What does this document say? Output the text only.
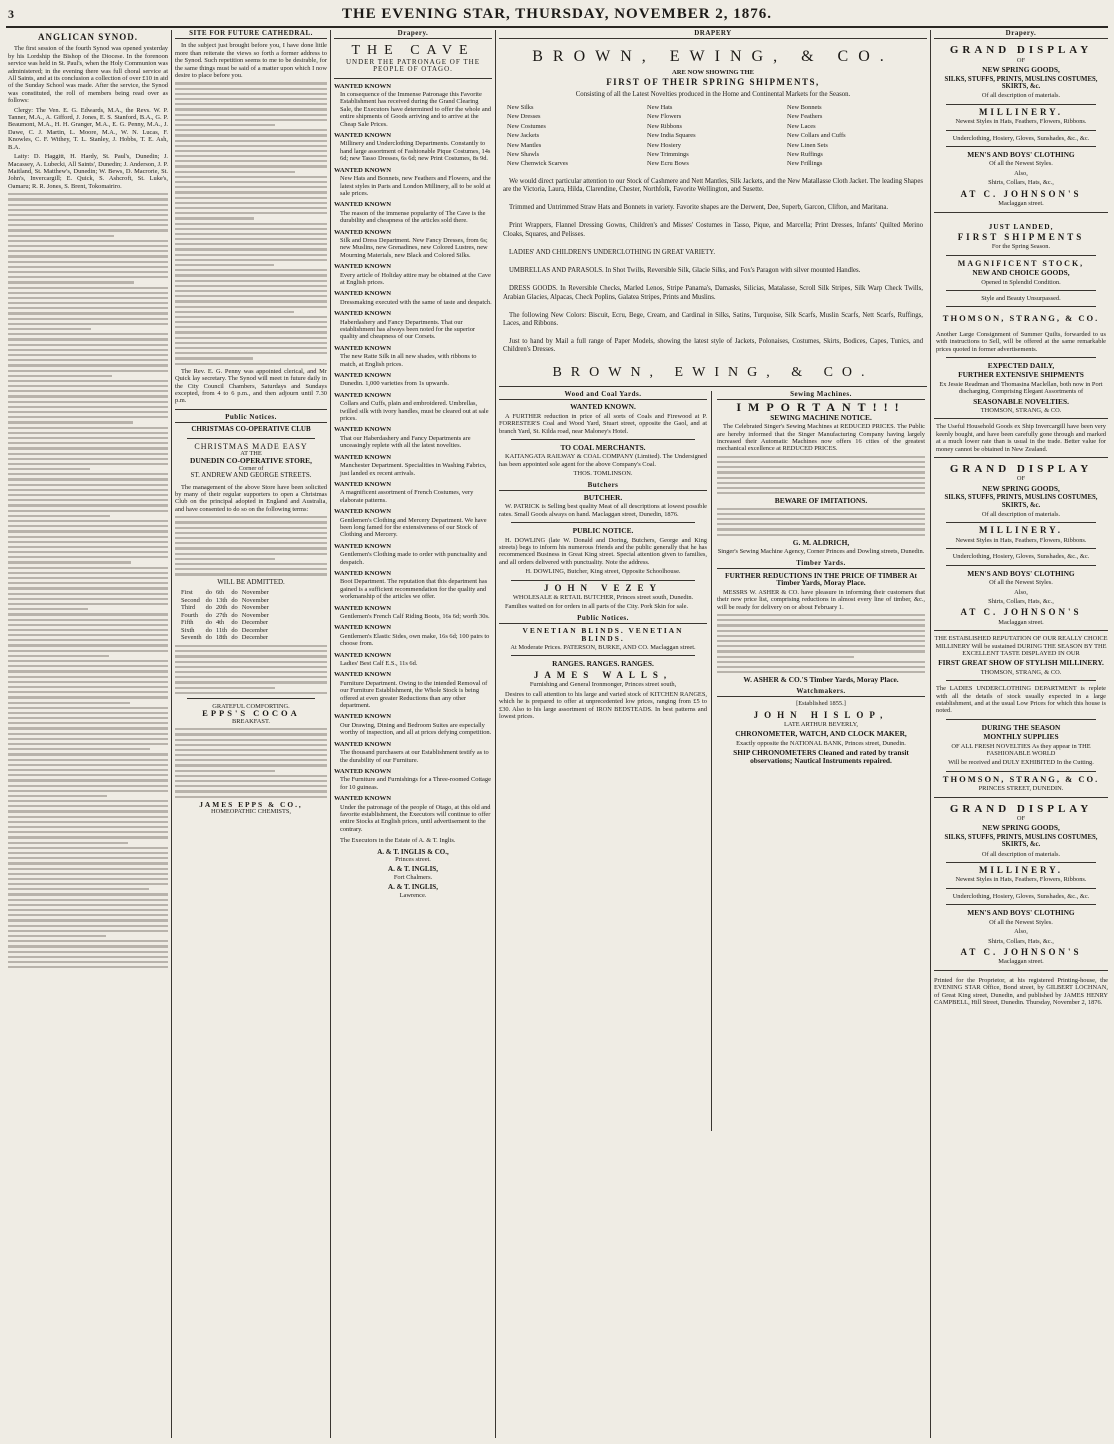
3	THE EVENING STAR, THURSDAY, NOVEMBER 2, 1876.
ANGLICAN SYNOD.

The first session of the fourth Synod was opened yesterday by his Lordship the Bishop of the Diocese. In the forenoon service was held in St. Paul's, when the Holy Communion was administered; in the evening there was full choral service at All Saints, and at its conclusion a collection of over £10 in aid of the Sunday School was made. After the service, the Synod was constituted, the roll of members being read over as follows:

Clergy: The Ven. E. G. Edwards, M.A., the Revs. W. P. Tanner, M.A., A. Gifford, J. Jones, E. S. Stanford, B.A., G. P. Beaumont, M.A., H. H. Granger, M.A., E. G. Penny, M.A., J. Dawe, C. J. Martin, L. Moore, M.A., W. N. Lucas, F. Knowles, C. F. Withey, T. L. Stanley, J. Hobbs, T. E. Ash, B.A.

Laity: D. Haggitt, H. Hardy, St. Paul's, Dunedin; J. Macassey, A. Lubecki, All Saints', Dunedin; J. Anderson, J. P. Maitland, St. Matthew's, Dunedin; W. Bews, D. Macrorie, St. John's, Invercargill; E. Quick, S. Ashcroft, St. Luke's, Oamaru; R. R. Jones, S. Brent, Tokomairiro.

SITE FOR FUTURE CATHEDRAL.

In the subject just brought before you, I have done little more than reiterate the views so forth a former address to the Synod. Such repetition seems to me to be desirable, for the same things must be said of a matter upon which I now desire to place before you.

The Rev. E. G. Penny was appointed clerical, and Mr Quick lay secretary. The Synod will meet in future daily in the City Council Chambers, Saturdays and Sundays excepted, from 4 to 6 p.m., and then adjourn until 7.30 p.m.

Public Notices.
CHRISTMAS CO-OPERATIVE CLUB
CHRISTMAS MADE EASY
AT THE
DUNEDIN CO-OPERATIVE STORE,
Corner of
ST. ANDREW AND GEORGE STREETS.

The management of the above Store have been solicited by many of their regular supporters to open a Christmas Club on the principal adopted in England and Australia, and have consented to do so on the following terms:

WILL BE ADMITTED.
First	do	6th	do	November
Second	do	13th	do	November
Third	do	20th	do	November
Fourth	do	27th	do	November
Fifth	do	4th	do	December
Sixth	do	11th	do	December
Seventh	do	18th	do	December
GRATEFUL COMFORTING.
EPPS'S COCOA
BREAKFAST.
JAMES EPPS & CO.,
HOMEOPATHIC CHEMISTS,
Drapery.
THE CAVE
UNDER THE PATRONAGE OF THE PEOPLE OF OTAGO.
WANTED KNOWN
In consequence of the Immense Patronage this Favorite Establishment has received during the Grand Clearing Sale, the Executors have determined to offer the whole and entire shipments of Goods arriving and to arrive at the Cheap Sale Prices.
WANTED KNOWN
Millinery and Underclothing Departments. Constantly to hand large assortment of Fashionable Pique Costumes, 14s 6d; new Tasso Dresses, 6s 6d; new Print Costumes, 8s 9d.
WANTED KNOWN
New Hats and Bonnets, new Feathers and Flowers, and the latest styles in Paris and London Millinery, all to be sold at sale prices.
WANTED KNOWN
The reason of the immense popularity of The Cave is the durability and cheapness of the articles sold there.
WANTED KNOWN
Silk and Dress Department. New Fancy Dresses, from 6s; new Muslins, new Grenadines, new Colored Lustres, new Mourning Materials, new Black and Colored Silks.
WANTED KNOWN
Every article of Holiday attire may be obtained at the Cave at English prices.
WANTED KNOWN
Dressmaking executed with the same of taste and despatch.
WANTED KNOWN
Haberdashery and Fancy Departments. That our establishment has always been noted for the superior quality and cheapness of our Corsets.
WANTED KNOWN
The new Ratte Silk in all new shades, with ribbons to match, at English prices.
WANTED KNOWN
Dunedin. 1,000 varieties from 1s upwards.
WANTED KNOWN
Collars and Cuffs, plain and embroidered. Umbrellas, twilled silk with ivory handles, must be cleared out at sale prices.
WANTED KNOWN
That our Haberdashery and Fancy Departments are unceasingly replete with all the latest novelties.
WANTED KNOWN
Manchester Department. Specialities in Washing Fabrics, just landed ex recent arrivals.
WANTED KNOWN
A magnificent assortment of French Costumes, very elaborate patterns.
WANTED KNOWN
Gentlemen's Clothing and Mercery Department. We have been long famed for the extensiveness of our Stock of Clothing and Mercery.
WANTED KNOWN
Gentlemen's Clothing made to order with punctuality and despatch.
WANTED KNOWN
Boot Department. The reputation that this department has gained is a sufficient recommendation for the quality and workmanship of the articles we offer.
WANTED KNOWN
Gentlemen's French Calf Riding Boots, 16s 6d; worth 30s.
WANTED KNOWN
Gentlemen's Elastic Sides, own make, 16s 6d; 100 pairs to choose from.
WANTED KNOWN
Ladies' Best Calf E.S., 11s 6d.
WANTED KNOWN
Furniture Department. Owing to the intended Removal of our Furniture Establishment, the Whole Stock is being offered at even greater Reductions than any other department.
WANTED KNOWN
Our Drawing, Dining and Bedroom Suites are especially worthy of inspection, and all at prices defying competition.
WANTED KNOWN
The thousand purchasers at our Establishment testify as to the durability of our Furniture.
WANTED KNOWN
The Furniture and Furnishings for a Three-roomed Cottage for 10 guineas.
WANTED KNOWN
Under the patronage of the people of Otago, at this old and favorite establishment, the Executors will continue to offer entire Stocks at English prices, until advertisement to the contrary.

The Executors in the Estate of A. & T. Inglis.

A. & T. INGLIS & CO.,
Princes street.
A. & T. INGLIS,
Fort Chalmers.
A. & T. INGLIS,
Lawrence.
DRAPERY
BROWN, EWING, & CO.
ARE NOW SHOWING THE
FIRST OF THEIR SPRING SHIPMENTS,
Consisting of all the Latest Novelties produced in the Home and Continental Markets for the Season.
New Silks	New Hats	New Bonnets
New Dresses	New Flowers	New Feathers
New Costumes	New Ribbons	New Laces
New Jackets	New India Squares	New Collars and Cuffs
New Mantles	New Hosiery	New Linen Sets
New Shawls	New Trimmings	New Ruffings
New Chenwick Scarves	New Ecru Bows	New Frillings

We would direct particular attention to our Stock of Cashmere and Nett Mantles, Silk Jackets, and the New Matallasse Cloth Jacket. The leading Shapes are the Victoria, Laura, Hilda, Clarendine, Chester, Northfolk, Favorite Wellington, and Susette.

Trimmed and Untrimmed Straw Hats and Bonnets in variety. Favorite shapes are the Derwent, Dee, Superb, Garcon, Clifton, and Maritana.

Print Wrappers, Flannel Dressing Gowns, Children's and Misses' Costumes in Tasso, Pique, and Marcella; Print Dresses, Infants' Quilted Merino Cloaks, Squares, and Pelisses.

LADIES' AND CHILDREN'S UNDERCLOTHING IN GREAT VARIETY.

UMBRELLAS AND PARASOLS. In Shot Twills, Reversible Silk, Glacie Silks, and Fox's Paragon with silver mounted Handles.

DRESS GOODS. In Reversible Checks, Marled Lenos, Stripe Panama's, Damasks, Silicias, Matalasse, Scroll Silk Stripes, Silk Warp Check Twills, Arabian Glacies, Alpacas, Check Poplins, Galatea Stripes, Prints and Muslins.

The following New Colors: Biscuit, Ecru, Bege, Cream, and Cardinal in Silks, Satins, Turquoise, Silk Scarfs, Muslin Scarfs, Nett Scarfs, Ruffings, Laces, and Ribbons.

Just to hand by Mail a full range of Paper Models, showing the latest style of Jackets, Polonaises, Costumes, Skirts, Bodices, Capes, Tunics, and Children's Dresses.

BROWN, EWING, & CO.
Wood and Coal Yards.
WANTED KNOWN.

A FURTHER reduction in price of all sorts of Coals and Firewood at P. FORRESTER'S Coal and Wood Yard, Stuart street, opposite the Gaol, and at branch Yard, St. Kilda road, near Maloney's Hotel.

TO COAL MERCHANTS.

KAITANGATA RAILWAY & COAL COMPANY (Limited). The Undersigned has been appointed sole agent for the above Company's Coal.

THOS. TOMLINSON.
Butchers
BUTCHER.

W. PATRICK is Selling best quality Meat of all descriptions at lowest possible rates. Small Goods always on hand. Maclaggan street, Dunedin, 1876.

PUBLIC NOTICE.

H. DOWLING (late W. Donald and Doring, Butchers, George and King streets) begs to inform his numerous friends and the public generally that he has recommenced Business in Great King street. Special attention given to families, and all orders delivered with punctuality. Note the address.

H. DOWLING, Butcher, King street, Opposite Schoolhouse.
JOHN VEZEY
WHOLESALE & RETAIL BUTCHER, Princes street south, Dunedin.

Families waited on for orders in all parts of the City. Pork Skin for sale.

Public Notices.
VENETIAN BLINDS. VENETIAN BLINDS.
At Moderate Prices. PATERSON, BURKE, AND CO. Maclaggan street.
RANGES. RANGES. RANGES.
JAMES WALLS,
Furnishing and General Ironmonger, Princes street south,

Desires to call attention to his large and varied stock of KITCHEN RANGES, which he is prepared to offer at unprecedented low prices, ranging from £5 to £30. Also to his large assortment of IRON BEDSTEADS. In best patterns and lowest prices.

Sewing Machines.
IMPORTANT!!!
SEWING MACHINE NOTICE.

The Celebrated Singer's Sewing Machines at REDUCED PRICES. The Public are hereby informed that the Singer Manufacturing Company having largely increased their Automatic Machines now offers 16 cities of the greatest mechanical excellence at REDUCED PRICES.

BEWARE OF IMITATIONS.
G. M. ALDRICH,
Singer's Sewing Machine Agency, Corner Princes and Dowling streets, Dunedin.
Timber Yards.
FURTHER REDUCTIONS IN THE PRICE OF TIMBER At Timber Yards, Moray Place.

MESSRS W. ASHER & CO. have pleasure in informing their customers that their new price list, comprising reductions in almost every line of timber, &c., will be ready for delivery on or about February 1.

W. ASHER & CO.'S Timber Yards, Moray Place.
Watchmakers.
[Established 1855.]
JOHN HISLOP,
LATE ARTHUR BEVERLY,
CHRONOMETER, WATCH, AND CLOCK MAKER,
Exactly opposite the NATIONAL BANK, Princes street, Dunedin.
SHIP CHRONOMETERS Cleaned and rated by transit observations; Nautical Instruments repaired.
Drapery.
GRAND DISPLAY
OF
NEW SPRING GOODS,
SILKS, STUFFS, PRINTS, MUSLINS COSTUMES, SKIRTS, &c.
Of all description of materials.
MILLINERY.
Newest Styles in Hats, Feathers, Flowers, Ribbons.
Underclothing, Hosiery, Gloves, Sunshades, &c., &c.
MEN'S AND BOYS' CLOTHING
Of all the Newest Styles.
Also,
Shirts, Collars, Hats, &c.,
AT C. JOHNSON'S
Maclaggan street.
JUST LANDED,
FIRST SHIPMENTS
For the Spring Season.
MAGNIFICENT STOCK,
NEW AND CHOICE GOODS,
Opened in Splendid Condition.
Style and Beauty Unsurpassed.
THOMSON, STRANG, & CO.
Another Large Consignment of Summer Quilts, forwarded to us with instructions to Sell, will be offered at the same remarkable prices quoted in former advertisements.
EXPECTED DAILY,
FURTHER EXTENSIVE SHIPMENTS
Ex Jessie Readman and Thomasina Maclellan, both now in Port discharging, Comprising Elegant Assortments of
SEASONABLE NOVELTIES.
THOMSON, STRANG, & CO.
The Useful Household Goods ex Ship Invercargill have been very keenly bought, and have been carefully gone through and marked at a much lower rate than is usual in the trade. Better value for money cannot be obtained in New Zealand.
GRAND DISPLAY
OF
NEW SPRING GOODS,
SILKS, STUFFS, PRINTS, MUSLINS COSTUMES, SKIRTS, &c.
Of all description of materials.
MILLINERY.
Newest Styles in Hats, Feathers, Flowers, Ribbons.
Underclothing, Hosiery, Gloves, Sunshades, &c., &c.
MEN'S AND BOYS' CLOTHING
Of all the Newest Styles.
Also,
Shirts, Collars, Hats, &c.,
AT C. JOHNSON'S
Maclaggan street.
THE ESTABLISHED REPUTATION OF OUR REALLY CHOICE MILLINERY Will be sustained DURING THE SEASON BY THE EXCELLENT TASTE DISPLAYED IN OUR
FIRST GREAT SHOW OF STYLISH MILLINERY.
THOMSON, STRANG, & CO.
The LADIES UNDERCLOTHING DEPARTMENT is replete with all the details of stock usually expected in a large establishment, and at the usual Low Prices for which this house is noted.
DURING THE SEASON
MONTHLY SUPPLIES
OF ALL FRESH NOVELTIES As they appear in THE FASHIONABLE WORLD
Will be received and DULY EXHIBITED In the Cutting.
THOMSON, STRANG, & CO.
PRINCES STREET, DUNEDIN.
GRAND DISPLAY
OF
NEW SPRING GOODS,
SILKS, STUFFS, PRINTS, MUSLINS COSTUMES, SKIRTS, &c.
Of all description of materials.
MILLINERY.
Newest Styles in Hats, Feathers, Flowers, Ribbons.
Underclothing, Hosiery, Gloves, Sunshades, &c., &c.
MEN'S AND BOYS' CLOTHING
Of all the Newest Styles.
Also,
Shirts, Collars, Hats, &c.,
AT C. JOHNSON'S
Maclaggan street.
Printed for the Proprietor, at his registered Printing-house, the EVENING STAR Office, Bond street, by GILBERT LOCHNAN, of Great King street, Dunedin, and published by JAMES HENRY CAMPBELL, Hill Street, Dunedin. Thursday, November 2, 1876.
